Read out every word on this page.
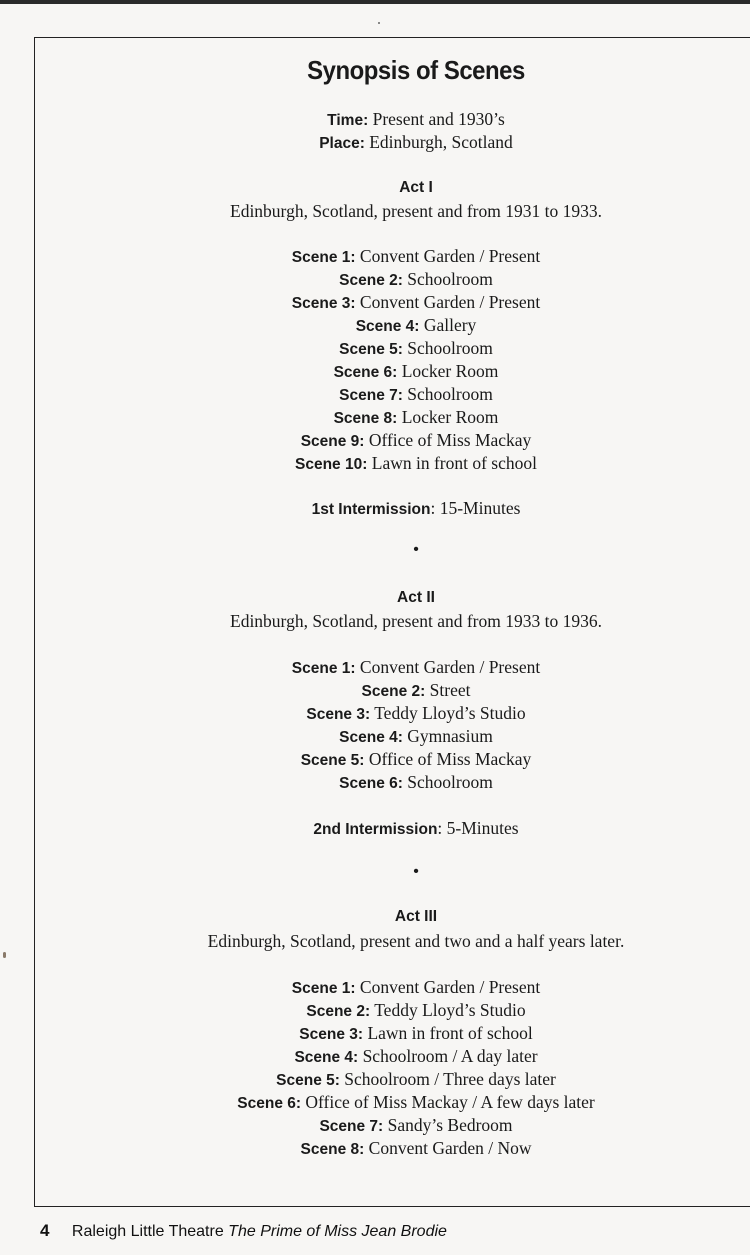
Synopsis of Scenes
Time: Present and 1930’s
Place: Edinburgh, Scotland
Act I
Edinburgh, Scotland, present and from 1931 to 1933.
Scene 1: Convent Garden / Present
Scene 2: Schoolroom
Scene 3: Convent Garden / Present
Scene 4: Gallery
Scene 5: Schoolroom
Scene 6: Locker Room
Scene 7: Schoolroom
Scene 8: Locker Room
Scene 9: Office of Miss Mackay
Scene 10: Lawn in front of school
1st Intermission: 15-Minutes
•
Act II
Edinburgh, Scotland, present and from 1933 to 1936.
Scene 1: Convent Garden / Present
Scene 2: Street
Scene 3: Teddy Lloyd’s Studio
Scene 4: Gymnasium
Scene 5: Office of Miss Mackay
Scene 6: Schoolroom
2nd Intermission: 5-Minutes
•
Act III
Edinburgh, Scotland, present and two and a half years later.
Scene 1: Convent Garden / Present
Scene 2: Teddy Lloyd’s Studio
Scene 3: Lawn in front of school
Scene 4: Schoolroom / A day later
Scene 5: Schoolroom / Three days later
Scene 6: Office of Miss Mackay / A few days later
Scene 7: Sandy’s Bedroom
Scene 8: Convent Garden / Now
4 Raleigh Little Theatre The Prime of Miss Jean Brodie
